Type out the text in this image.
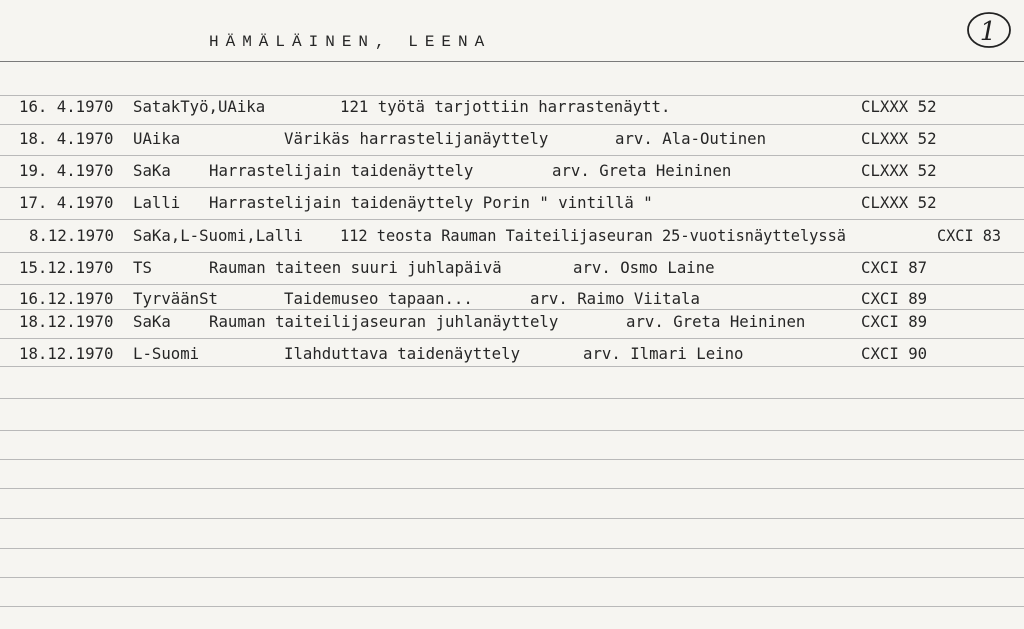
HÄMÄLÄINEN, LEENA	1
16. 4.1970 SatakTyö,UAika	121 työtä tarjottiin harrastenäytt.	CLXXX 52
18. 4.1970 UAika	Värikäs harrastelijanäyttely	arv. Ala-Outinen	CLXXX 52
19. 4.1970 SaKa Harrastelijain taidenäyttely	arv. Greta Heininen	CLXXX 52
17. 4.1970 Lalli Harrastelijain taidenäyttely Porin " vintillä "	CLXXX 52
8.12.1970 SaKa,L-Suomi,Lalli 112 teosta Rauman Taiteilijaseuran 25-vuotisnäyttelyssä	CXCI 83
15.12.1970 TS	Rauman taiteen suuri juhlapäivä	arv. Osmo Laine	CXCI 87
16.12.1970 TyrväänSt	Taidemuseo tapaan...	arv. Raimo Viitala	CXCI 89
18.12.1970 SaKa Rauman taiteilijaseuran juhlanäyttely	arv. Greta Heininen	CXCI 89
18.12.1970 L-Suomi	Ilahduttava taidenäyttely	arv. Ilmari Leino	CXCI 90
